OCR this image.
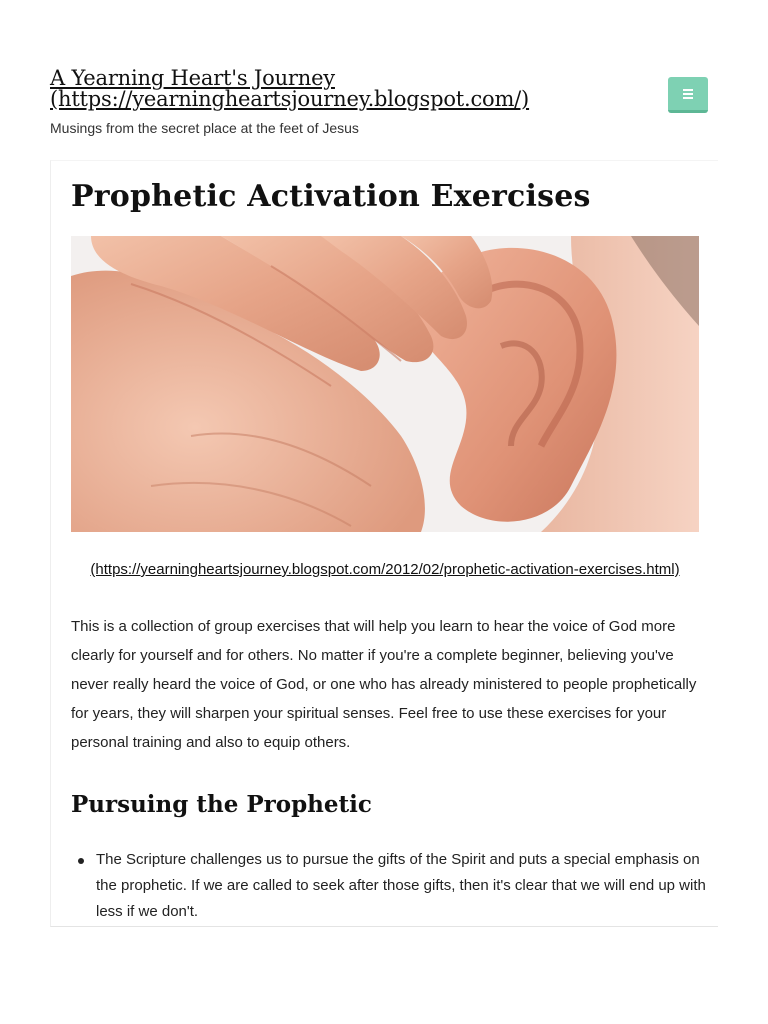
A Yearning Heart's Journey (https://yearningheartsjourney.blogspot.com/)
Musings from the secret place at the feet of Jesus
Prophetic Activation Exercises
(https://yearningheartsjourney.blogspot.com/2012/02/prophetic-activation-exercises.html)

This is a collection of group exercises that will help you learn to hear the voice of God more clearly for yourself and for others. No matter if you're a complete beginner, believing you've never really heard the voice of God, or one who has already ministered to people prophetically for years, they will sharpen your spiritual senses. Feel free to use these exercises for your personal training and also to equip others.

Pursuing the Prophetic
The Scripture challenges us to pursue the gifts of the Spirit and puts a special emphasis on the prophetic. If we are called to seek after those gifts, then it's clear that we will end up with less if we don't.
